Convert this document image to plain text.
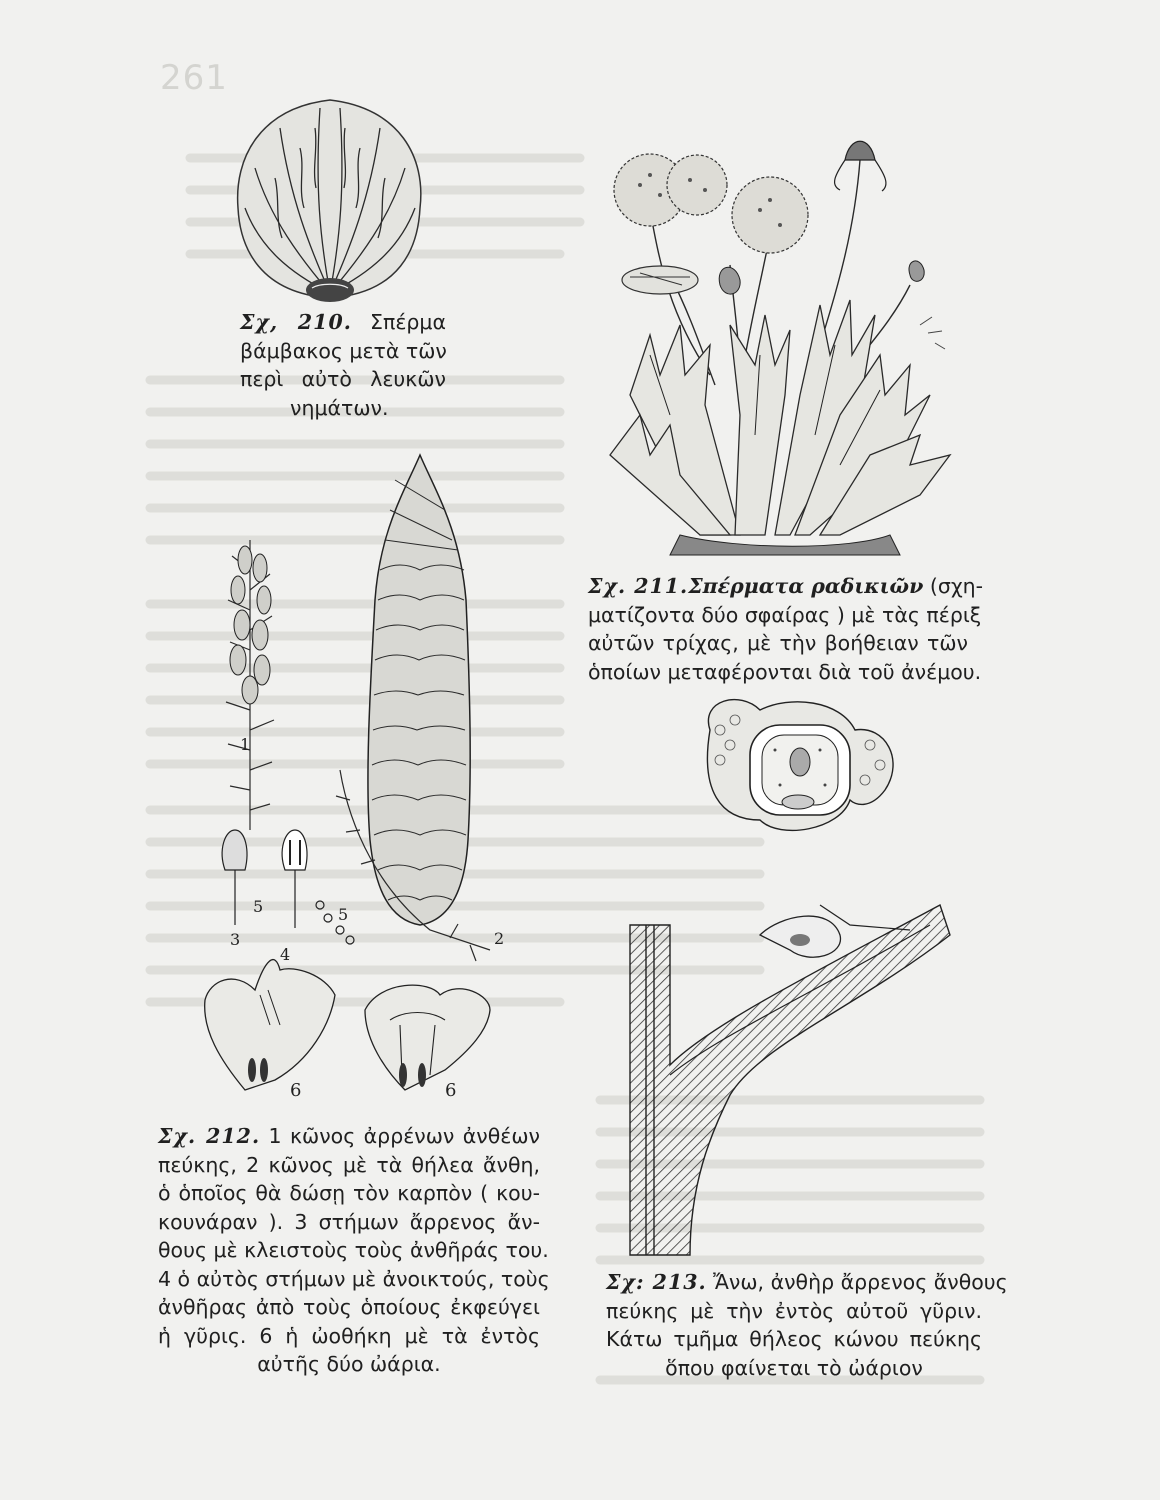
261
Σχ, 210. Σπέρμα
βάμβακος μετὰ τῶν
περὶ αὐτὸ λευκῶν
νημάτων.
Σχ. 211.Σπέρματα ραδικιῶν (σχη-
ματίζοντα δύο σφαίρας ) μὲ τὰς πέριξ
αὐτῶν τρίχας, μὲ τὴν βοήθειαν τῶν
ὁποίων μεταφέρονται διὰ τοῦ ἀνέμου.
1
2
3
4
5	5
6	6
Σχ. 212. 1 κῶνος ἀρρένων ἀνθέων
πεύκης, 2 κῶνος μὲ τὰ θήλεα ἄνθη,
ὁ ὁποῖος θὰ δώσῃ τὸν καρπὸν ( κου-
κουνάραν ). 3 στήμων ἄρρενος ἄν-
θους μὲ κλειστοὺς τοὺς ἀνθῆράς του.
4 ὁ αὐτὸς στήμων μὲ ἀνοικτούς, τοὺς
ἀνθῆρας ἀπὸ τοὺς ὁποίους ἐκφεύγει
ἡ γῦρις. 6 ἡ ὠοθήκη μὲ τὰ ἐντὸς
αὐτῆς δύο ὠάρια.
Σχ: 213. Ἄνω, ἀνθὴρ ἄρρενος ἄνθους
πεύκης μὲ τὴν ἐντὸς αὐτοῦ γῦριν.
Κάτω τμῆμα θήλεος κώνου πεύκης
ὅπου φαίνεται τὸ ὠάριον
